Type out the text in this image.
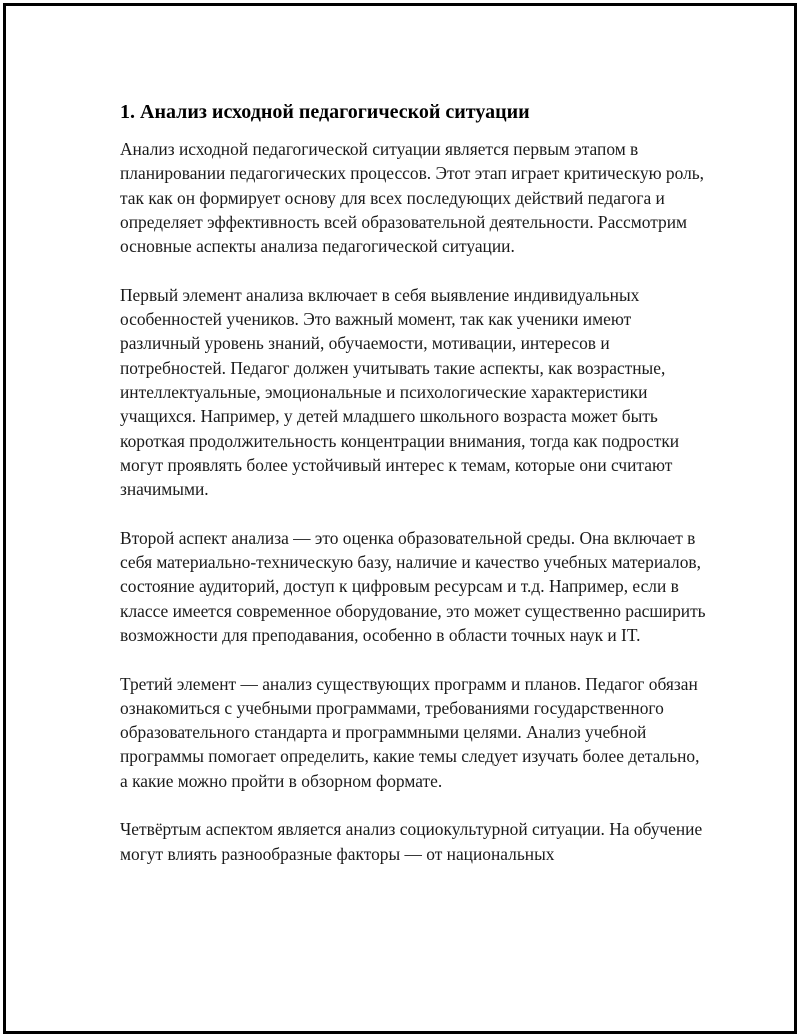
1. Анализ исходной педагогической ситуации

Анализ исходной педагогической ситуации является первым этапом в планировании педагогических процессов. Этот этап играет критическую роль, так как он формирует основу для всех последующих действий педагога и определяет эффективность всей образовательной деятельности. Рассмотрим основные аспекты анализа педагогической ситуации.

Первый элемент анализа включает в себя выявление индивидуальных особенностей учеников. Это важный момент, так как ученики имеют различный уровень знаний, обучаемости, мотивации, интересов и потребностей. Педагог должен учитывать такие аспекты, как возрастные, интеллектуальные, эмоциональные и психологические характеристики учащихся. Например, у детей младшего школьного возраста может быть короткая продолжительность концентрации внимания, тогда как подростки могут проявлять более устойчивый интерес к темам, которые они считают значимыми.

Второй аспект анализа — это оценка образовательной среды. Она включает в себя материально-техническую базу, наличие и качество учебных материалов, состояние аудиторий, доступ к цифровым ресурсам и т.д. Например, если в классе имеется современное оборудование, это может существенно расширить возможности для преподавания, особенно в области точных наук и IT.

Третий элемент — анализ существующих программ и планов. Педагог обязан ознакомиться с учебными программами, требованиями государственного образовательного стандарта и программными целями. Анализ учебной программы помогает определить, какие темы следует изучать более детально, а какие можно пройти в обзорном формате.

Четвёртым аспектом является анализ социокультурной ситуации. На обучение могут влиять разнообразные факторы — от национальных
